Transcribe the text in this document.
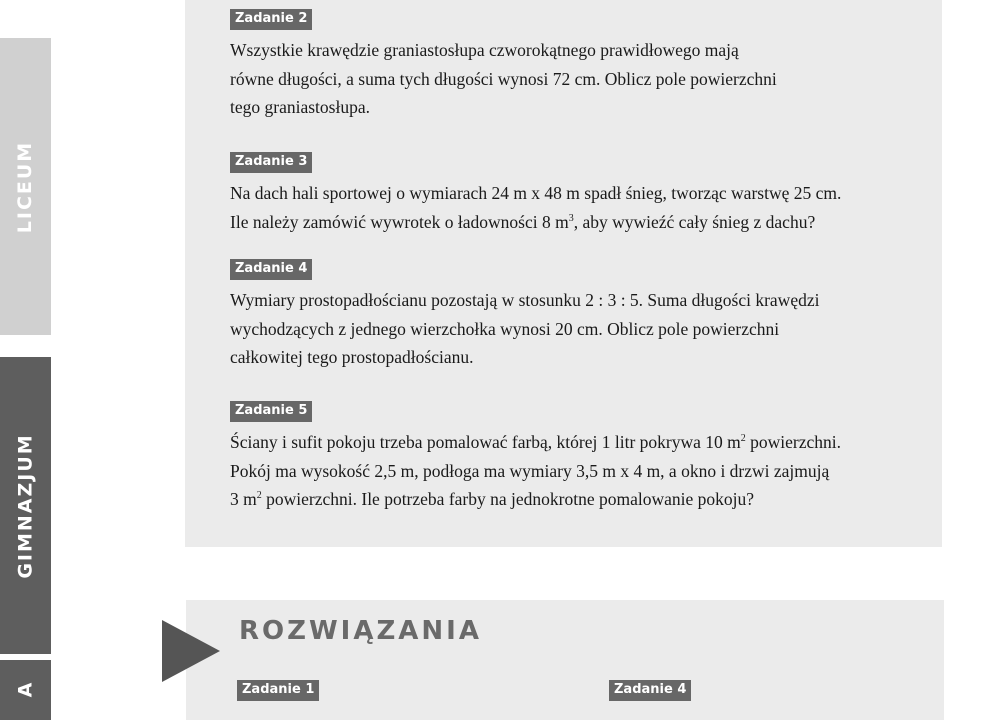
LICEUM
GIMNAZJUM
A
Zadanie 2

Wszystkie krawędzie graniastosłupa czworokątnego prawidłowego mają
równe długości, a suma tych długości wynosi 72 cm. Oblicz pole powierzchni
tego graniastosłupa.

Zadanie 3

Na dach hali sportowej o wymiarach 24 m x 48 m spadł śnieg, tworząc warstwę 25 cm.
Ile należy zamówić wywrotek o ładowności 8 $m^3$, aby wywieźć cały śnieg z dachu?

Zadanie 4

Wymiary prostopadłościanu pozostają w stosunku 2 : 3 : 5. Suma długości krawędzi
wychodzących z jednego wierzchołka wynosi 20 cm. Oblicz pole powierzchni
całkowitej tego prostopadłościanu.

Zadanie 5

Ściany i sufit pokoju trzeba pomalować farbą, której 1 litr pokrywa 10 $m^2$ powierzchni.
Pokój ma wysokość 2,5 m, podłoga ma wymiary 3,5 m x 4 m, a okno i drzwi zajmują
3 $m^2$ powierzchni. Ile potrzeba farby na jednokrotne pomalowanie pokoju?

ROZWIĄZANIA
Zadanie 1	Zadanie 4
